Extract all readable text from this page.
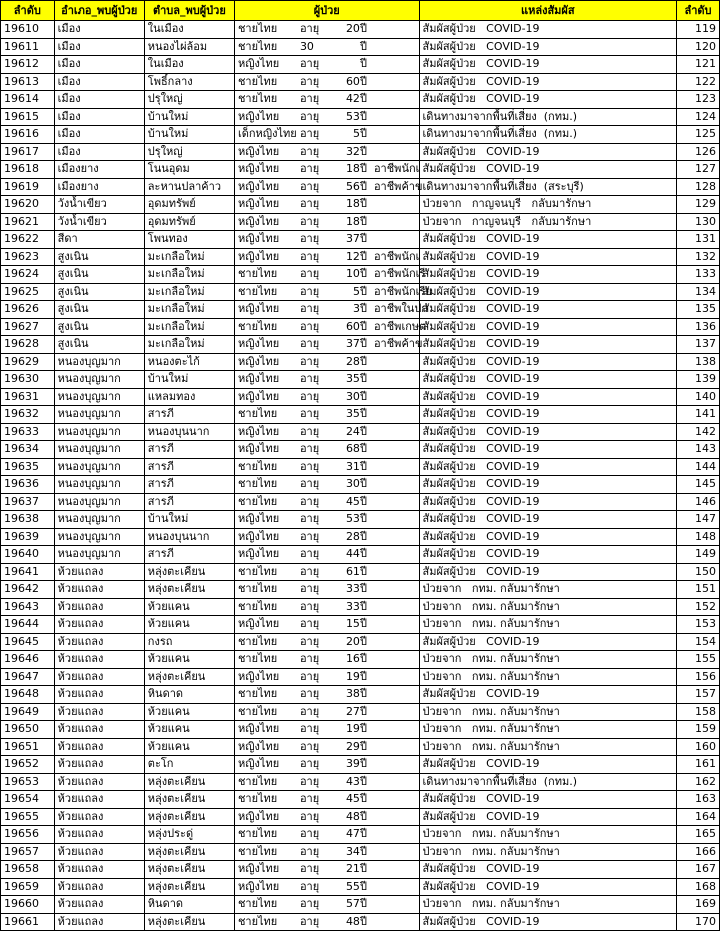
ลำดับ	อำเภอ_พบผู้ป่วย	ตำบล_พบผู้ป่วย	ผู้ป่วย	แหล่งสัมผัส	ลำดับ
19610	เมือง	ในเมือง	ชายไทย อายุ 20ปี	สัมผัสผู้ป่วย   COVID-19	119
19611	เมือง	หนองไผ่ล้อม	ชายไทย 30 ปี	สัมผัสผู้ป่วย   COVID-19	120
19612	เมือง	ในเมือง	หญิงไทย อายุ ปี	สัมผัสผู้ป่วย   COVID-19	121
19613	เมือง	โพธิ์กลาง	ชายไทย อายุ 60ปี	สัมผัสผู้ป่วย   COVID-19	122
19614	เมือง	ปรุใหญ่	ชายไทย อายุ 42ปี	สัมผัสผู้ป่วย   COVID-19	123
19615	เมือง	บ้านใหม่	หญิงไทย อายุ 53ปี	เดินทางมาจากพื้นที่เสี่ยง  (กทม.)	124
19616	เมือง	บ้านใหม่	เด็กหญิงไทย อายุ 5ปี	เดินทางมาจากพื้นที่เสี่ยง  (กทม.)	125
19617	เมือง	ปรุใหญ่	หญิงไทย อายุ 32ปี	สัมผัสผู้ป่วย   COVID-19	126
19618	เมืองยาง	โนนอุดม	หญิงไทย อายุ 18ปี อาชีพนักเ	สัมผัสผู้ป่วย   COVID-19	127
19619	เมืองยาง	ละหานปลาค้าว	หญิงไทย อายุ 56ปี อาชีพค้าข	เดินทางมาจากพื้นที่เสี่ยง  (สระบุรี)	128
19620	วังน้ำเขียว	อุดมทรัพย์	หญิงไทย อายุ 18ปี	ป่วยจาก   กาญจนบุรี   กลับมารักษา	129
19621	วังน้ำเขียว	อุดมทรัพย์	หญิงไทย อายุ 18ปี	ป่วยจาก   กาญจนบุรี   กลับมารักษา	130
19622	สีดา	โพนทอง	หญิงไทย อายุ 37ปี	สัมผัสผู้ป่วย   COVID-19	131
19623	สูงเนิน	มะเกลือใหม่	หญิงไทย อายุ 12ปี อาชีพนักเ	สัมผัสผู้ป่วย   COVID-19	132
19624	สูงเนิน	มะเกลือใหม่	ชายไทย อายุ 10ปี อาชีพนักเรี	สัมผัสผู้ป่วย   COVID-19	133
19625	สูงเนิน	มะเกลือใหม่	ชายไทย อายุ 5ปี อาชีพนักเรีย	สัมผัสผู้ป่วย   COVID-19	134
19626	สูงเนิน	มะเกลือใหม่	หญิงไทย อายุ 3ปี อาชีพในปก	สัมผัสผู้ป่วย   COVID-19	135
19627	สูงเนิน	มะเกลือใหม่	ชายไทย อายุ 60ปี อาชีพเกษต	สัมผัสผู้ป่วย   COVID-19	136
19628	สูงเนิน	มะเกลือใหม่	หญิงไทย อายุ 37ปี อาชีพค้าข	สัมผัสผู้ป่วย   COVID-19	137
19629	หนองบุญมาก	หนองตะไก้	หญิงไทย อายุ 28ปี	สัมผัสผู้ป่วย   COVID-19	138
19630	หนองบุญมาก	บ้านใหม่	หญิงไทย อายุ 35ปี	สัมผัสผู้ป่วย   COVID-19	139
19631	หนองบุญมาก	แหลมทอง	หญิงไทย อายุ 30ปี	สัมผัสผู้ป่วย   COVID-19	140
19632	หนองบุญมาก	สารภี	ชายไทย อายุ 35ปี	สัมผัสผู้ป่วย   COVID-19	141
19633	หนองบุญมาก	หนองบุนนาก	หญิงไทย อายุ 24ปี	สัมผัสผู้ป่วย   COVID-19	142
19634	หนองบุญมาก	สารภี	หญิงไทย อายุ 68ปี	สัมผัสผู้ป่วย   COVID-19	143
19635	หนองบุญมาก	สารภี	ชายไทย อายุ 31ปี	สัมผัสผู้ป่วย   COVID-19	144
19636	หนองบุญมาก	สารภี	ชายไทย อายุ 30ปี	สัมผัสผู้ป่วย   COVID-19	145
19637	หนองบุญมาก	สารภี	ชายไทย อายุ 45ปี	สัมผัสผู้ป่วย   COVID-19	146
19638	หนองบุญมาก	บ้านใหม่	หญิงไทย อายุ 53ปี	สัมผัสผู้ป่วย   COVID-19	147
19639	หนองบุญมาก	หนองบุนนาก	หญิงไทย อายุ 28ปี	สัมผัสผู้ป่วย   COVID-19	148
19640	หนองบุญมาก	สารภี	หญิงไทย อายุ 44ปี	สัมผัสผู้ป่วย   COVID-19	149
19641	ห้วยแถลง	หลุ่งตะเคียน	ชายไทย อายุ 61ปี	สัมผัสผู้ป่วย   COVID-19	150
19642	ห้วยแถลง	หลุ่งตะเคียน	ชายไทย อายุ 33ปี	ป่วยจาก   กทม. กลับมารักษา	151
19643	ห้วยแถลง	ห้วยแคน	ชายไทย อายุ 33ปี	ป่วยจาก   กทม. กลับมารักษา	152
19644	ห้วยแถลง	ห้วยแคน	หญิงไทย อายุ 15ปี	ป่วยจาก   กทม. กลับมารักษา	153
19645	ห้วยแถลง	กงรถ	ชายไทย อายุ 20ปี	สัมผัสผู้ป่วย   COVID-19	154
19646	ห้วยแถลง	ห้วยแคน	ชายไทย อายุ 16ปี	ป่วยจาก   กทม. กลับมารักษา	155
19647	ห้วยแถลง	หลุ่งตะเคียน	หญิงไทย อายุ 19ปี	ป่วยจาก   กทม. กลับมารักษา	156
19648	ห้วยแถลง	หินดาด	ชายไทย อายุ 38ปี	สัมผัสผู้ป่วย   COVID-19	157
19649	ห้วยแถลง	ห้วยแคน	ชายไทย อายุ 27ปี	ป่วยจาก   กทม. กลับมารักษา	158
19650	ห้วยแถลง	ห้วยแคน	หญิงไทย อายุ 19ปี	ป่วยจาก   กทม. กลับมารักษา	159
19651	ห้วยแถลง	ห้วยแคน	หญิงไทย อายุ 29ปี	ป่วยจาก   กทม. กลับมารักษา	160
19652	ห้วยแถลง	ตะโก	หญิงไทย อายุ 39ปี	สัมผัสผู้ป่วย   COVID-19	161
19653	ห้วยแถลง	หลุ่งตะเคียน	ชายไทย อายุ 43ปี	เดินทางมาจากพื้นที่เสี่ยง  (กทม.)	162
19654	ห้วยแถลง	หลุ่งตะเคียน	ชายไทย อายุ 45ปี	สัมผัสผู้ป่วย   COVID-19	163
19655	ห้วยแถลง	หลุ่งตะเคียน	หญิงไทย อายุ 48ปี	สัมผัสผู้ป่วย   COVID-19	164
19656	ห้วยแถลง	หลุ่งประดู่	ชายไทย อายุ 47ปี	ป่วยจาก   กทม. กลับมารักษา	165
19657	ห้วยแถลง	หลุ่งตะเคียน	ชายไทย อายุ 34ปี	ป่วยจาก   กทม. กลับมารักษา	166
19658	ห้วยแถลง	หลุ่งตะเคียน	หญิงไทย อายุ 21ปี	สัมผัสผู้ป่วย   COVID-19	167
19659	ห้วยแถลง	หลุ่งตะเคียน	หญิงไทย อายุ 55ปี	สัมผัสผู้ป่วย   COVID-19	168
19660	ห้วยแถลง	หินดาด	ชายไทย อายุ 57ปี	ป่วยจาก   กทม. กลับมารักษา	169
19661	ห้วยแถลง	หลุ่งตะเคียน	ชายไทย อายุ 48ปี	สัมผัสผู้ป่วย   COVID-19	170
